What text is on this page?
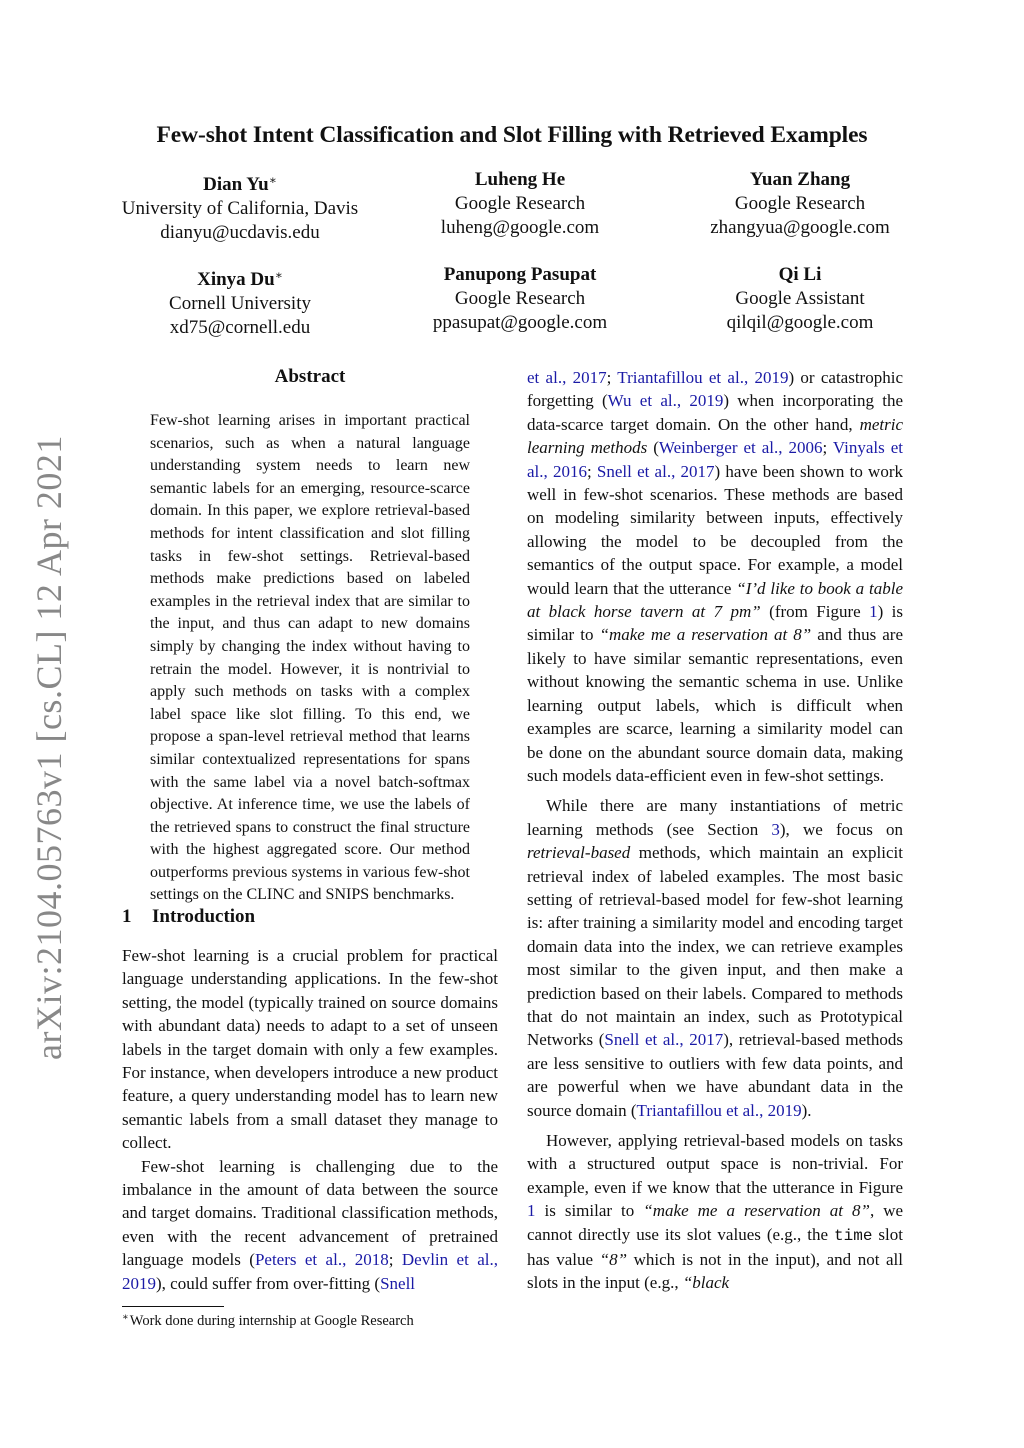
Few-shot Intent Classification and Slot Filling with Retrieved Examples
Dian Yu∗
University of California, Davis
dianyu@ucdavis.edu
Luheng He
Google Research
luheng@google.com
Yuan Zhang
Google Research
zhangyua@google.com
Xinya Du∗
Cornell University
xd75@cornell.edu
Panupong Pasupat
Google Research
ppasupat@google.com
Qi Li
Google Assistant
qilqil@google.com
arXiv:2104.05763v1 [cs.CL] 12 Apr 2021
Abstract
Few-shot learning arises in important practical scenarios, such as when a natural language understanding system needs to learn new semantic labels for an emerging, resource-scarce domain. In this paper, we explore retrieval-based methods for intent classification and slot filling tasks in few-shot settings. Retrieval-based methods make predictions based on labeled examples in the retrieval index that are similar to the input, and thus can adapt to new domains simply by changing the index without having to retrain the model. However, it is nontrivial to apply such methods on tasks with a complex label space like slot filling. To this end, we propose a span-level retrieval method that learns similar contextualized representations for spans with the same label via a novel batch-softmax objective. At inference time, we use the labels of the retrieved spans to construct the final structure with the highest aggregated score. Our method outperforms previous systems in various few-shot settings on the CLINC and SNIPS benchmarks.
1 Introduction

Few-shot learning is a crucial problem for practical language understanding applications. In the few-shot setting, the model (typically trained on source domains with abundant data) needs to adapt to a set of unseen labels in the target domain with only a few examples. For instance, when developers introduce a new product feature, a query understanding model has to learn new semantic labels from a small dataset they manage to collect.

Few-shot learning is challenging due to the imbalance in the amount of data between the source and target domains. Traditional classification methods, even with the recent advancement of pretrained language models (Peters et al., 2018; Devlin et al., 2019), could suffer from over-fitting (Snell

et al., 2017; Triantafillou et al., 2019) or catastrophic forgetting (Wu et al., 2019) when incorporating the data-scarce target domain. On the other hand, metric learning methods (Weinberger et al., 2006; Vinyals et al., 2016; Snell et al., 2017) have been shown to work well in few-shot scenarios. These methods are based on modeling similarity between inputs, effectively allowing the model to be decoupled from the semantics of the output space. For example, a model would learn that the utterance “I’d like to book a table at black horse tavern at 7 pm” (from Figure 1) is similar to “make me a reservation at 8” and thus are likely to have similar semantic representations, even without knowing the semantic schema in use. Unlike learning output labels, which is difficult when examples are scarce, learning a similarity model can be done on the abundant source domain data, making such models data-efficient even in few-shot settings.

While there are many instantiations of metric learning methods (see Section 3), we focus on retrieval-based methods, which maintain an explicit retrieval index of labeled examples. The most basic setting of retrieval-based model for few-shot learning is: after training a similarity model and encoding target domain data into the index, we can retrieve examples most similar to the given input, and then make a prediction based on their labels. Compared to methods that do not maintain an index, such as Prototypical Networks (Snell et al., 2017), retrieval-based methods are less sensitive to outliers with few data points, and are powerful when we have abundant data in the source domain (Triantafillou et al., 2019).

However, applying retrieval-based models on tasks with a structured output space is non-trivial. For example, even if we know that the utterance in Figure 1 is similar to “make me a reservation at 8”, we cannot directly use its slot values (e.g., the time slot has value “8” which is not in the input), and not all slots in the input (e.g., “black

∗Work done during internship at Google Research
